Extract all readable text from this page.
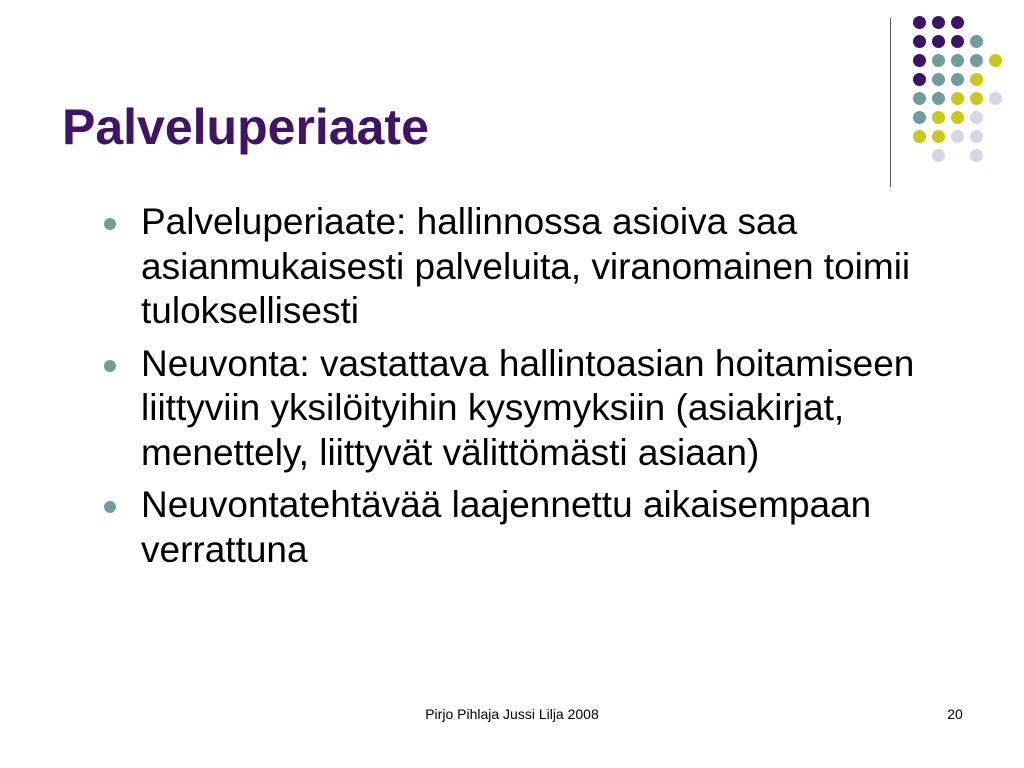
Palveluperiaate
Palveluperiaate: hallinnossa asioiva saa asianmukaisesti palveluita, viranomainen toimii tuloksellisesti
Neuvonta: vastattava hallintoasian hoitamiseen liittyviin yksilöityihin kysymyksiin (asiakirjat, menettely, liittyvät välittömästi asiaan)
Neuvontatehtävää laajennettu aikaisempaan verrattuna
Pirjo Pihlaja Jussi Lilja 2008	20
